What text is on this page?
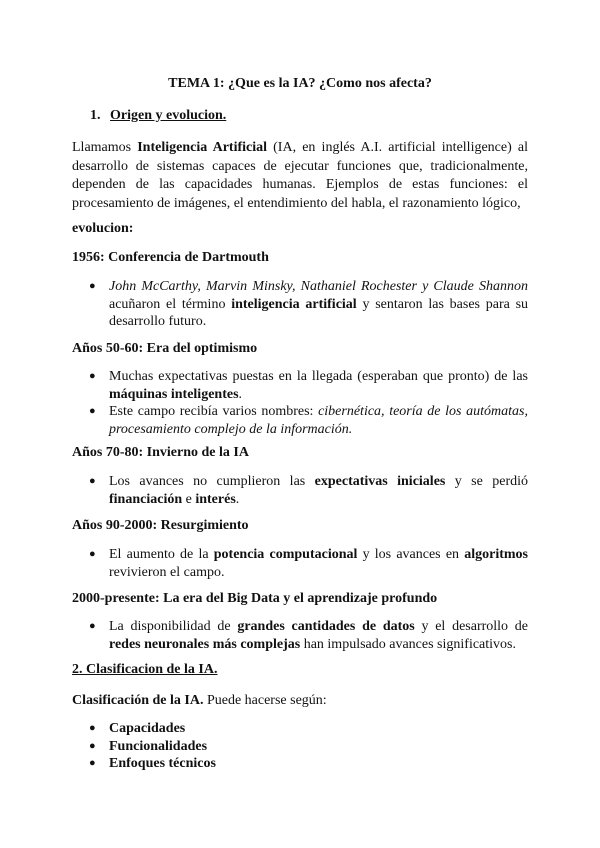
TEMA 1: ¿Que es la IA? ¿Como nos afecta?
1. Origen y evolucion.
Llamamos Inteligencia Artificial (IA, en inglés A.I. artificial intelligence) al desarrollo de sistemas capaces de ejecutar funciones que, tradicionalmente, dependen de las capacidades humanas. Ejemplos de estas funciones: el procesamiento de imágenes, el entendimiento del habla, el razonamiento lógico,
evolucion:
1956: Conferencia de Dartmouth
● John McCarthy, Marvin Minsky, Nathaniel Rochester y Claude Shannon acuñaron el término inteligencia artificial y sentaron las bases para su desarrollo futuro.
Años 50-60: Era del optimismo
● Muchas expectativas puestas en la llegada (esperaban que pronto) de las máquinas inteligentes.
● Este campo recibía varios nombres: cibernética, teoría de los autómatas, procesamiento complejo de la información.
Años 70-80: Invierno de la IA
● Los avances no cumplieron las expectativas iniciales y se perdió financiación e interés.
Años 90-2000: Resurgimiento
● El aumento de la potencia computacional y los avances en algoritmos revivieron el campo.
2000-presente: La era del Big Data y el aprendizaje profundo
● La disponibilidad de grandes cantidades de datos y el desarrollo de redes neuronales más complejas han impulsado avances significativos.
2. Clasificacion de la IA.
Clasificación de la IA. Puede hacerse según:
● Capacidades
● Funcionalidades
● Enfoques técnicos
